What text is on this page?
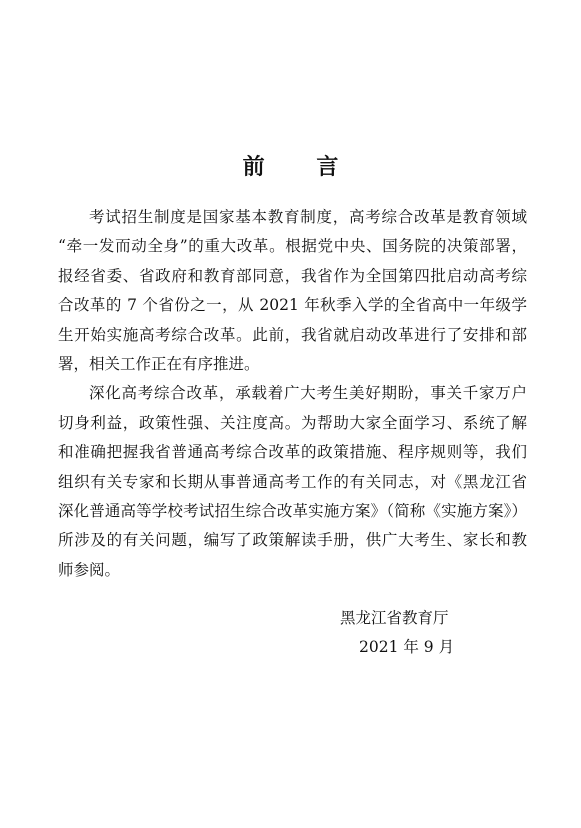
前 言
考试招生制度是国家基本教育制度，高考综合改革是教育领域
“牵一发而动全身”的重大改革。根据党中央、国务院的决策部署，
报经省委、省政府和教育部同意，我省作为全国第四批启动高考综
合改革的 7 个省份之一，从 2021 年秋季入学的全省高中一年级学
生开始实施高考综合改革。此前，我省就启动改革进行了安排和部
署，相关工作正在有序推进。
深化高考综合改革，承载着广大考生美好期盼，事关千家万户
切身利益，政策性强、关注度高。为帮助大家全面学习、系统了解
和准确把握我省普通高考综合改革的政策措施、程序规则等，我们
组织有关专家和长期从事普通高考工作的有关同志，对《黑龙江省
深化普通高等学校考试招生综合改革实施方案》（简称《实施方案》）
所涉及的有关问题，编写了政策解读手册，供广大考生、家长和教
师参阅。
黑龙江省教育厅
2021 年 9 月
